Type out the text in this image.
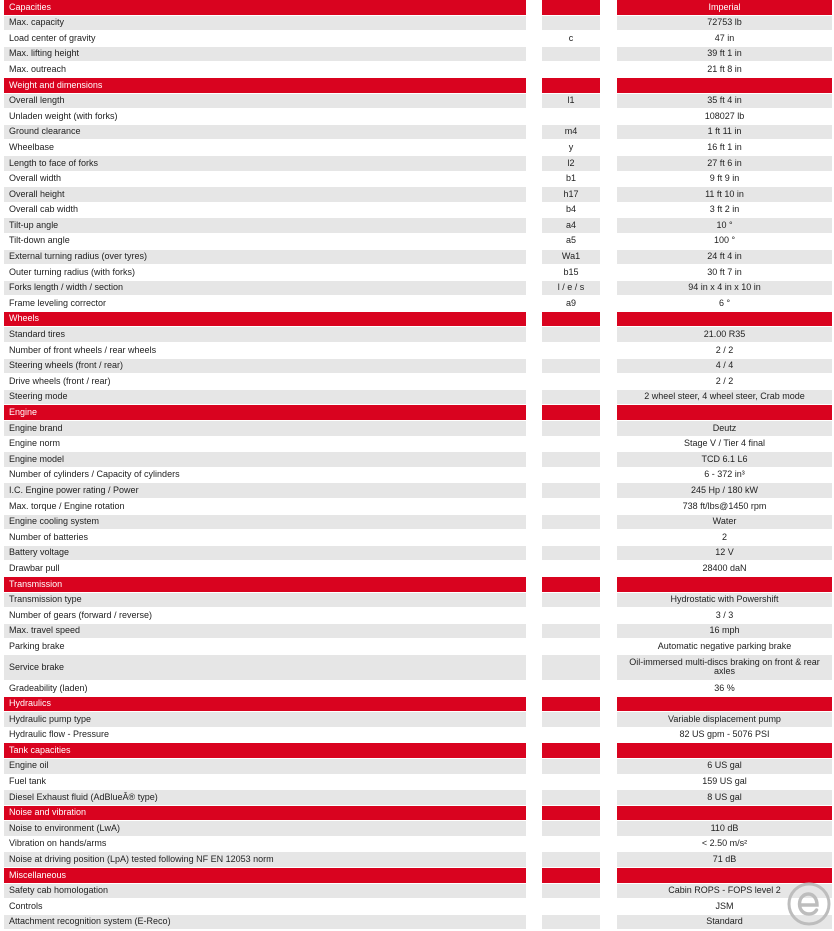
Capacities	Imperial
Max. capacity	72753 lb
Load center of gravity	c	47 in
Max. lifting height	39 ft 1 in
Max. outreach	21 ft 8 in
Weight and dimensions
Overall length	l1	35 ft 4 in
Unladen weight (with forks)	108027 lb
Ground clearance	m4	1 ft 11 in
Wheelbase	y	16 ft 1 in
Length to face of forks	l2	27 ft 6 in
Overall width	b1	9 ft 9 in
Overall height	h17	11 ft 10 in
Overall cab width	b4	3 ft 2 in
Tilt-up angle	a4	10 °
Tilt-down angle	a5	100 °
External turning radius (over tyres)	Wa1	24 ft 4 in
Outer turning radius (with forks)	b15	30 ft 7 in
Forks length / width / section	l / e / s	94 in x 4 in x 10 in
Frame leveling corrector	a9	6 °
Wheels
Standard tires	21.00 R35
Number of front wheels / rear wheels	2 / 2
Steering wheels (front / rear)	4 / 4
Drive wheels (front / rear)	2 / 2
Steering mode	2 wheel steer, 4 wheel steer, Crab mode
Engine
Engine brand	Deutz
Engine norm	Stage V / Tier 4 final
Engine model	TCD 6.1 L6
Number of cylinders / Capacity of cylinders	6 - 372 in³
I.C. Engine power rating / Power	245 Hp / 180 kW
Max. torque / Engine rotation	738 ft/lbs@1450 rpm
Engine cooling system	Water
Number of batteries	2
Battery voltage	12 V
Drawbar pull	28400 daN
Transmission
Transmission type	Hydrostatic with Powershift
Number of gears (forward / reverse)	3 / 3
Max. travel speed	16 mph
Parking brake	Automatic negative parking brake
Service brake	Oil-immersed multi-discs braking on front & rear axles
Gradeability (laden)	36 %
Hydraulics
Hydraulic pump type	Variable displacement pump
Hydraulic flow - Pressure	82 US gpm - 5076 PSI
Tank capacities
Engine oil	6 US gal
Fuel tank	159 US gal
Diesel Exhaust fluid (AdBlueÂ® type)	8 US gal
Noise and vibration
Noise to environment (LwA)	110 dB
Vibration on hands/arms	< 2.50 m/s²
Noise at driving position (LpA) tested following NF EN 12053 norm	71 dB
Miscellaneous
Safety cab homologation	Cabin ROPS - FOPS level 2
Controls	JSM
Attachment recognition system (E-Reco)	Standard
